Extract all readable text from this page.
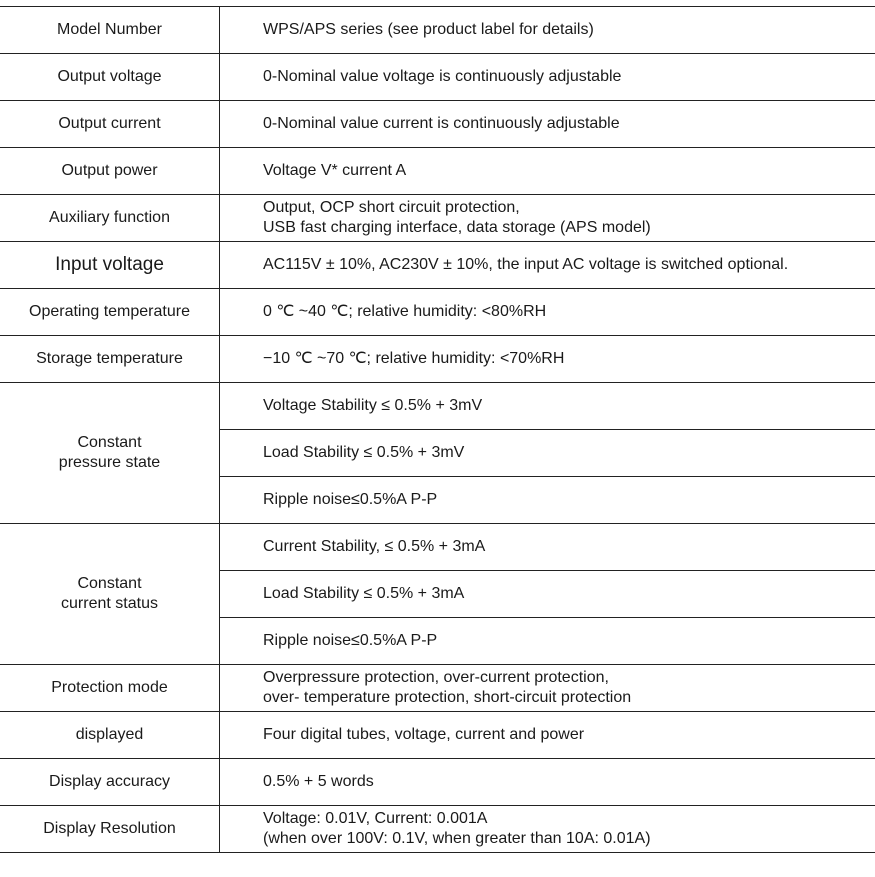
Model Number	WPS/APS series (see product label for details)
Output voltage	0-Nominal value voltage is continuously adjustable
Output current	0-Nominal value current is continuously adjustable
Output power	Voltage V* current A
Auxiliary function	Output, OCP short circuit protection,
USB fast charging interface, data storage (APS model)

Input voltage	AC115V ± 10%, AC230V ± 10%, the input AC voltage is switched optional.
Operating temperature	0 ℃ ~40 ℃; relative humidity: <80%RH
Storage temperature	−10 ℃ ~70 ℃; relative humidity: <70%RH

Constant
pressure state	Voltage Stability ≤ 0.5% + 3mV
	Load Stability ≤ 0.5% + 3mV
	Ripple noise≤0.5%A P-P

Constant
current status	Current Stability, ≤ 0.5% + 3mA
	Load Stability ≤ 0.5% + 3mA
	Ripple noise≤0.5%A P-P
Protection mode	Overpressure protection, over-current protection,
over- temperature protection, short-circuit protection

displayed	Four digital tubes, voltage, current and power
Display accuracy	0.5% + 5 words
Display Resolution	Voltage: 0.01V, Current: 0.001A
(when over 100V: 0.1V, when greater than 10A: 0.01A)
